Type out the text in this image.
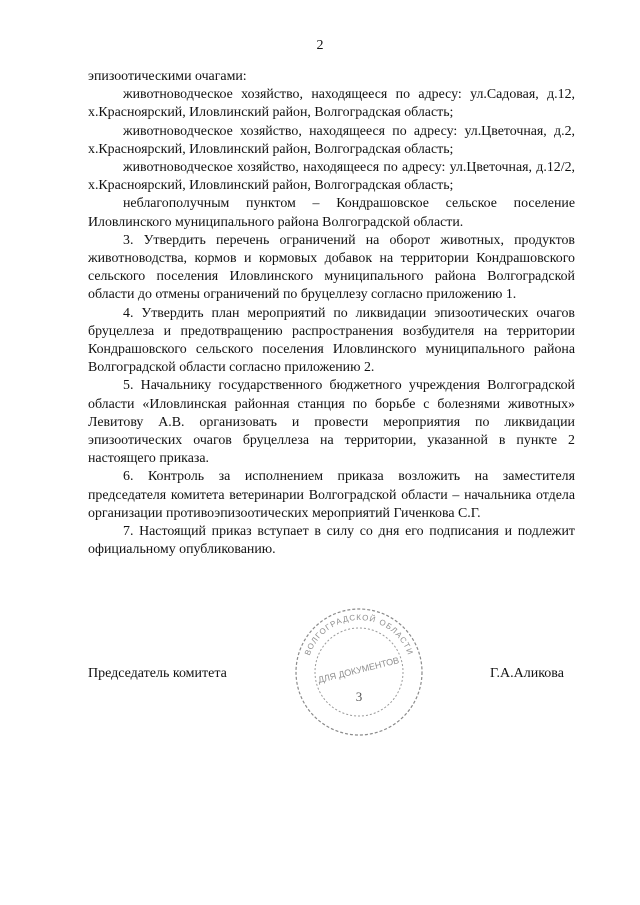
2

эпизоотическими очагами:

животноводческое хозяйство, находящееся по адресу: ул.Садовая, д.12, х.Красноярский, Иловлинский район, Волгоградская область;

животноводческое хозяйство, находящееся по адресу: ул.Цветочная, д.2, х.Красноярский, Иловлинский район, Волгоградская область;

животноводческое хозяйство, находящееся по адресу: ул.Цветочная, д.12/2, х.Красноярский, Иловлинский район, Волгоградская область;

неблагополучным пунктом – Кондрашовское сельское поселение Иловлинского муниципального района Волгоградской области.

3. Утвердить перечень ограничений на оборот животных, продуктов животноводства, кормов и кормовых добавок на территории Кондрашовского сельского поселения Иловлинского муниципального района Волгоградской области до отмены ограничений по бруцеллезу согласно приложению 1.

4. Утвердить план мероприятий по ликвидации эпизоотических очагов бруцеллеза и предотвращению распространения возбудителя на территории Кондрашовского сельского поселения Иловлинского муниципального района Волгоградской области согласно приложению 2.

5. Начальнику государственного бюджетного учреждения Волгоградской области «Иловлинская районная станция по борьбе с болезнями животных» Левитову А.В. организовать и провести мероприятия по ликвидации эпизоотических очагов бруцеллеза на территории, указанной в пункте 2 настоящего приказа.

6. Контроль за исполнением приказа возложить на заместителя председателя комитета ветеринарии Волгоградской области – начальника отдела организации противоэпизоотических мероприятий Гиченкова С.Г.

7. Настоящий приказ вступает в силу со дня его подписания и подлежит официальному опубликованию.

ВОЛГОГРАДСКОЙ ОБЛАСТИ
ДЛЯ ДОКУМЕНТОВ
3
Председатель комитета	Г.А.Аликова
